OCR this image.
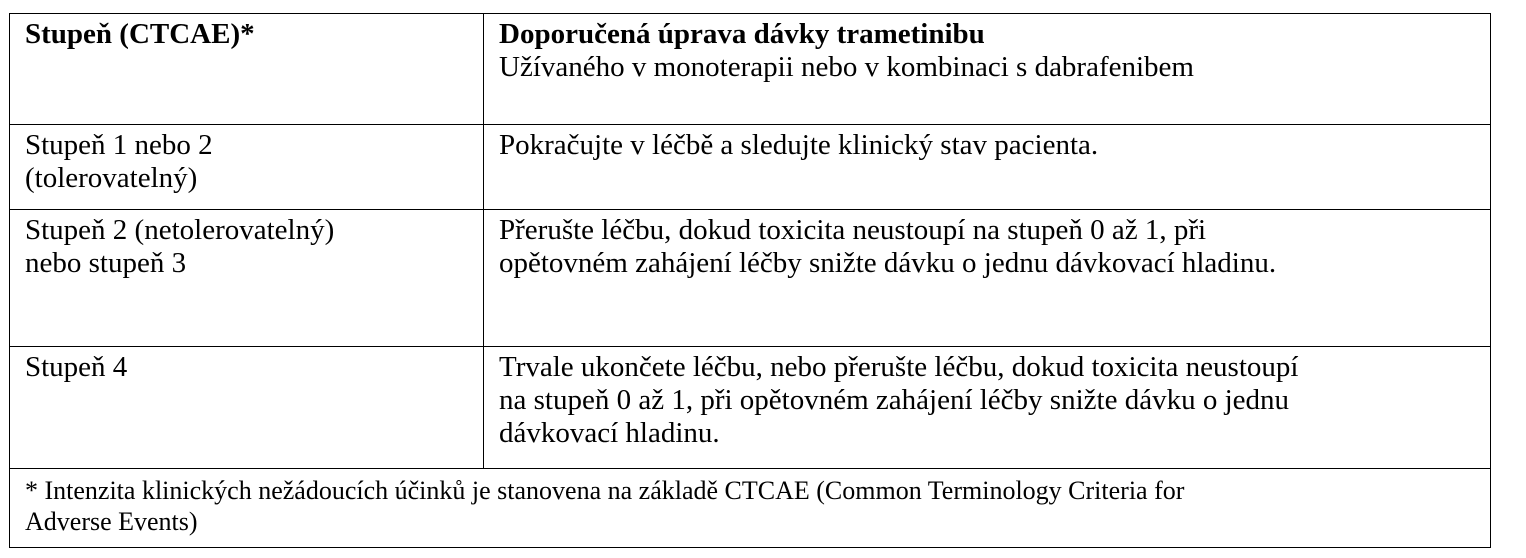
Stupeň (CTCAE)*	Doporučená úprava dávky trametinibu
Užívaného v monoterapii nebo v kombinaci s dabrafenibem

Stupeň 1 nebo 2
(tolerovatelný)	Pokračujte v léčbě a sledujte klinický stav pacienta.

Stupeň 2 (netolerovatelný)
nebo stupeň 3	Přerušte léčbu, dokud toxicita neustoupí na stupeň 0 až 1, při
opětovném zahájení léčby snižte dávku o jednu dávkovací hladinu.

Stupeň 4	Trvale ukončete léčbu, nebo přerušte léčbu, dokud toxicita neustoupí
na stupeň 0 až 1, při opětovném zahájení léčby snižte dávku o jednu
dávkovací hladinu.

* Intenzita klinických nežádoucích účinků je stanovena na základě CTCAE (Common Terminology Criteria for
Adverse Events)	
